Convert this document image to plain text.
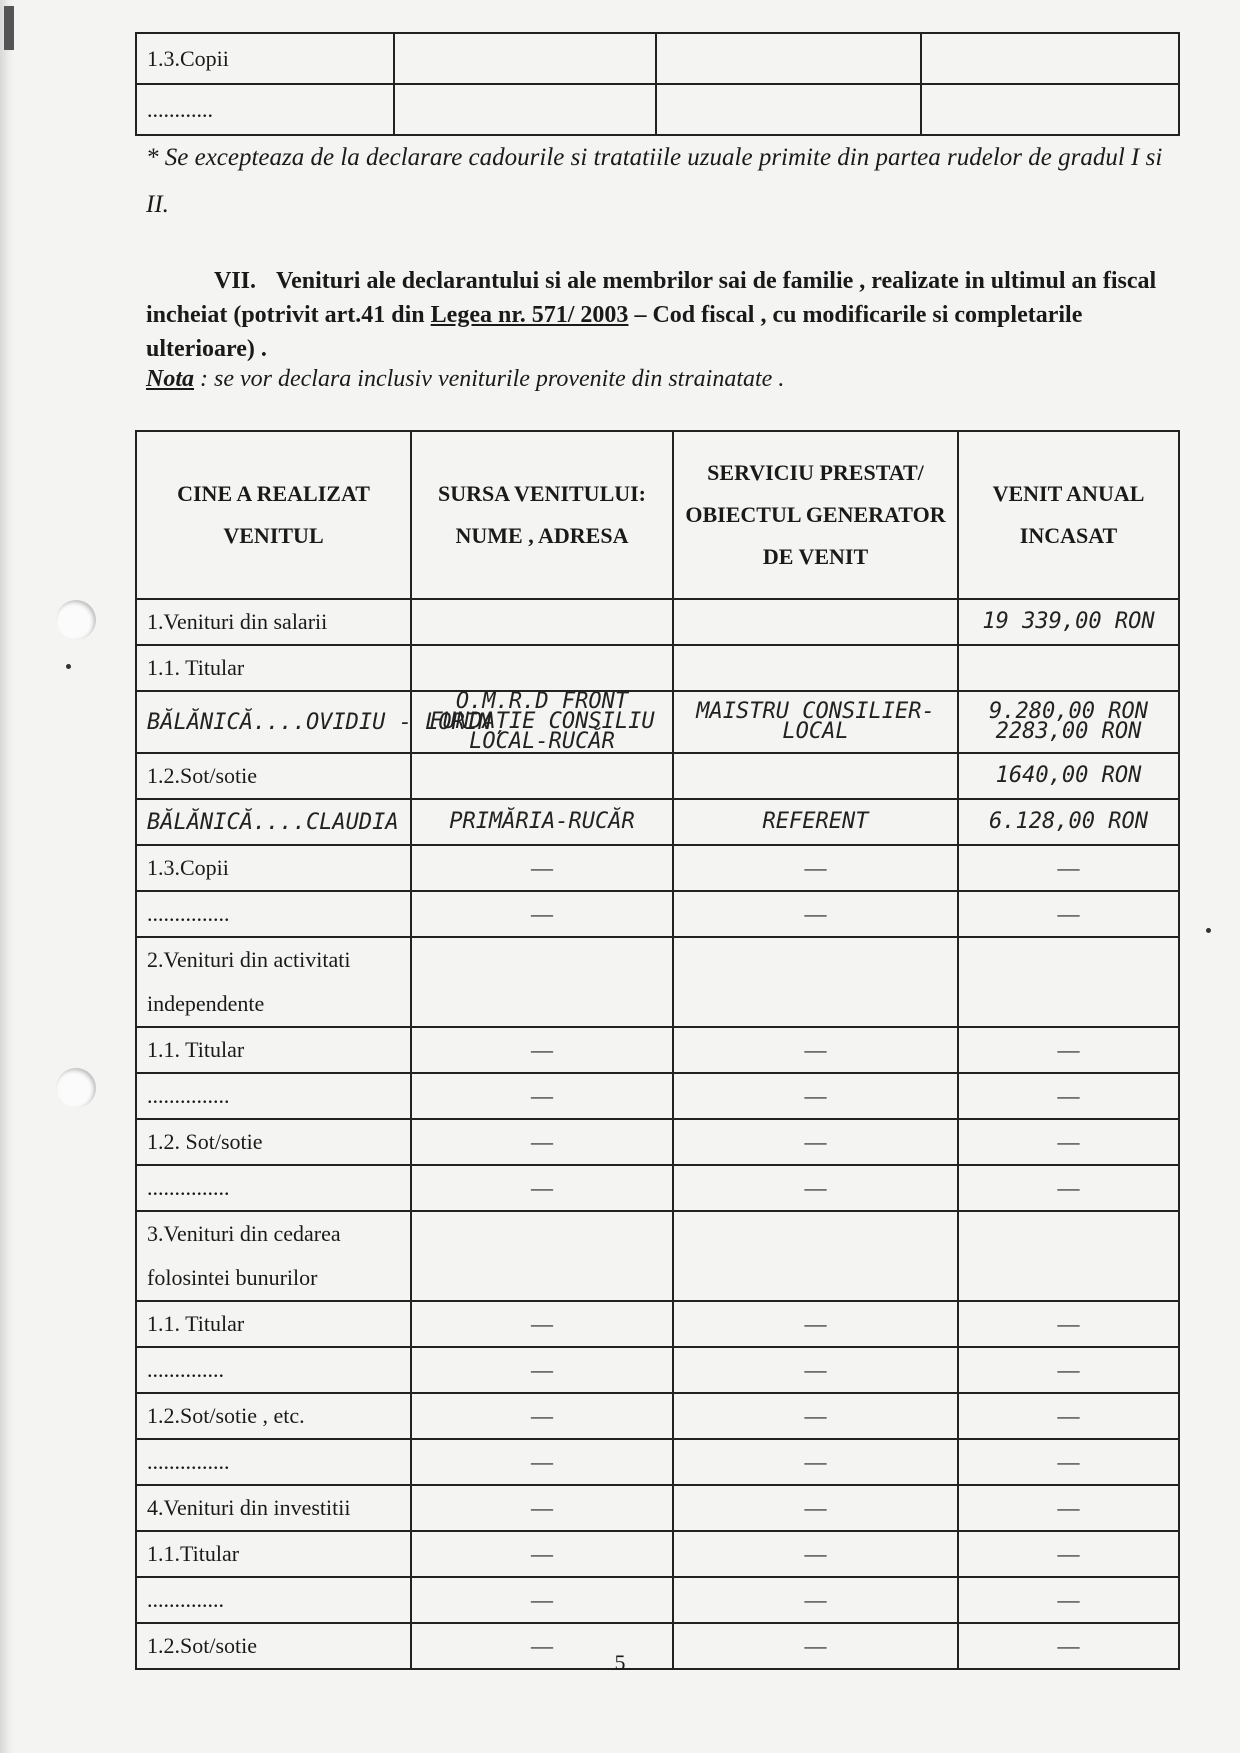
1.3.Copii			
............			
* Se excepteaza de la declarare cadourile si tratatiile uzuale primite din partea rudelor de gradul I si II.
VII. Venituri ale declarantului si ale membrilor sai de familie , realizate in ultimul an fiscal incheiat (potrivit art.41 din Legea nr. 571/ 2003 – Cod fiscal , cu modificarile si completarile ulterioare) .
Nota : se vor declara inclusiv veniturile provenite din strainatate .
CINE A REALIZAT VENITUL	SURSA VENITULUI: NUME , ADRESA	SERVICIU PRESTAT/ OBIECTUL GENERATOR DE VENIT	VENIT ANUAL INCASAT
1.Venituri din salarii			19 339,00 RON
1.1. Titular			
BĂLĂNICĂ....OVIDIU - LORIN	O.M.R.D FRONT FUNDAȚIE CONSILIU LOCAL-RUCĂR	MAISTRU CONSILIER-LOCAL	9.280,00 RON 2283,00 RON
1.2.Sot/sotie			1640,00 RON
BĂLĂNICĂ....CLAUDIA	PRIMĂRIA-RUCĂR	REFERENT	6.128,00 RON
1.3.Copii	—	—	—
...............	—	—	—
2.Venituri din activitati independente			
1.1. Titular	—	—	—
...............	—	—	—
1.2. Sot/sotie	—	—	—
...............	—	—	—
3.Venituri din cedarea folosintei bunurilor			
1.1. Titular	—	—	—
..............	—	—	—
1.2.Sot/sotie , etc.	—	—	—
...............	—	—	—
4.Venituri din investitii	—	—	—
1.1.Titular	—	—	—
..............	—	—	—
1.2.Sot/sotie	—	—	—
5
